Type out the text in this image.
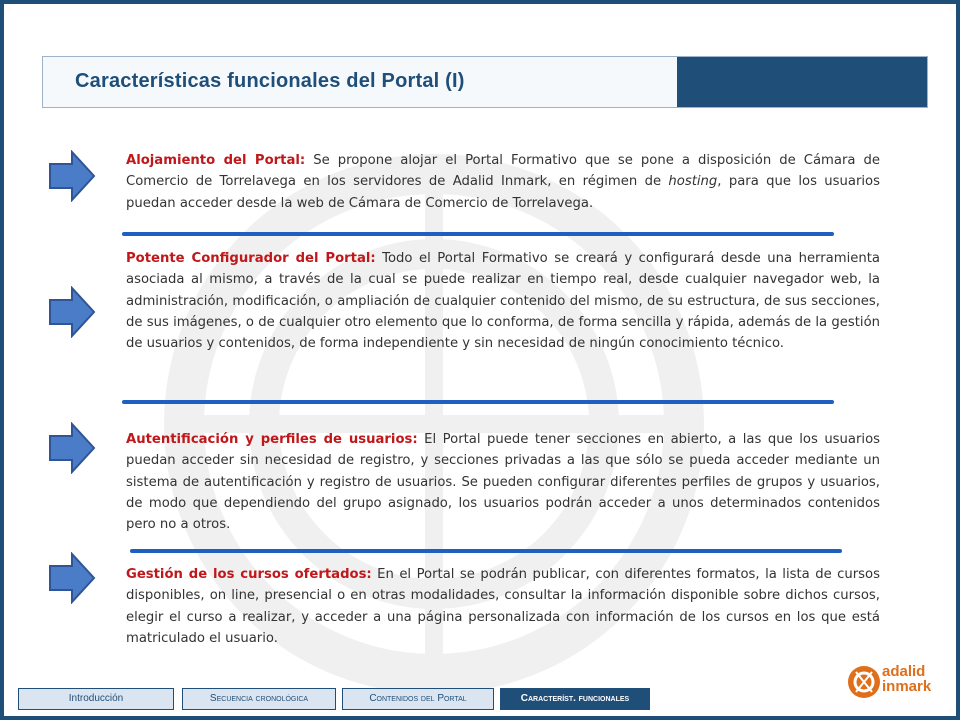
Características funcionales del Portal (I)
Alojamiento del Portal: Se propone alojar el Portal Formativo que se pone a disposición de Cámara de Comercio de Torrelavega en los servidores de Adalid Inmark, en régimen de hosting, para que los usuarios puedan acceder desde la web de Cámara de Comercio de Torrelavega.
Potente Configurador del Portal: Todo el Portal Formativo se creará y configurará desde una herramienta asociada al mismo, a través de la cual se puede realizar en tiempo real, desde cualquier navegador web, la administración, modificación, o ampliación de cualquier contenido del mismo, de su estructura, de sus secciones, de sus imágenes, o de cualquier otro elemento que lo conforma, de forma sencilla y rápida, además de la gestión de usuarios y contenidos, de forma independiente y sin necesidad de ningún conocimiento técnico.
Autentificación y perfiles de usuarios: El Portal puede tener secciones en abierto, a las que los usuarios puedan acceder sin necesidad de registro, y secciones privadas a las que sólo se pueda acceder mediante un sistema de autentificación y registro de usuarios. Se pueden configurar diferentes perfiles de grupos y usuarios, de modo que dependiendo del grupo asignado, los usuarios podrán acceder a unos determinados contenidos pero no a otros.
Gestión de los cursos ofertados: En el Portal se podrán publicar, con diferentes formatos, la lista de cursos disponibles, on line, presencial o en otras modalidades, consultar la información disponible sobre dichos cursos, elegir el curso a realizar, y acceder a una página personalizada con información de los cursos en los que está matriculado el usuario.
Introducción	Secuencia cronológica	Contenidos del Portal	Característ. funcionales
adalid
inmark
